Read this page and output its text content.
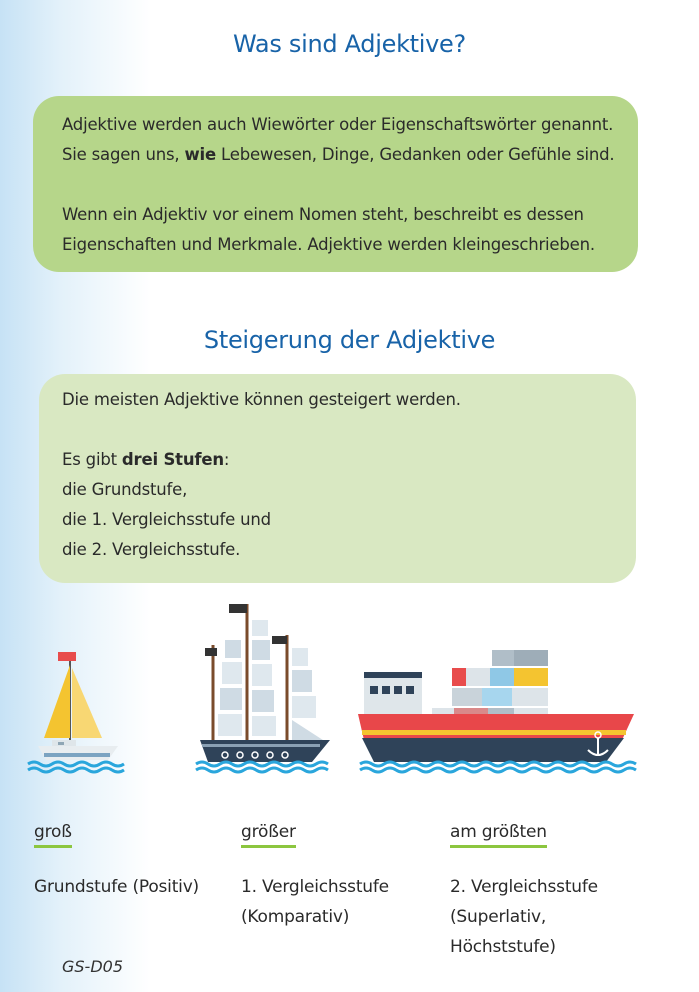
Was sind Adjektive?

Adjektive werden auch Wiewörter oder Eigenschaftswörter genannt.

Sie sagen uns, wie Lebewesen, Dinge, Gedanken oder Gefühle sind.

Wenn ein Adjektiv vor einem Nomen steht, beschreibt es dessen

Eigenschaften und Merkmale. Adjektive werden kleingeschrieben.

Steigerung der Adjektive

Die meisten Adjektive können gesteigert werden.

Es gibt drei Stufen:

die Grundstufe,

die 1. Vergleichsstufe und

die 2. Vergleichsstufe.

groß
Grundstufe (Positiv)
größer
1. Vergleichsstufe
(Komparativ)
am größten
2. Vergleichsstufe
(Superlativ,
Höchststufe)
GS-D05
